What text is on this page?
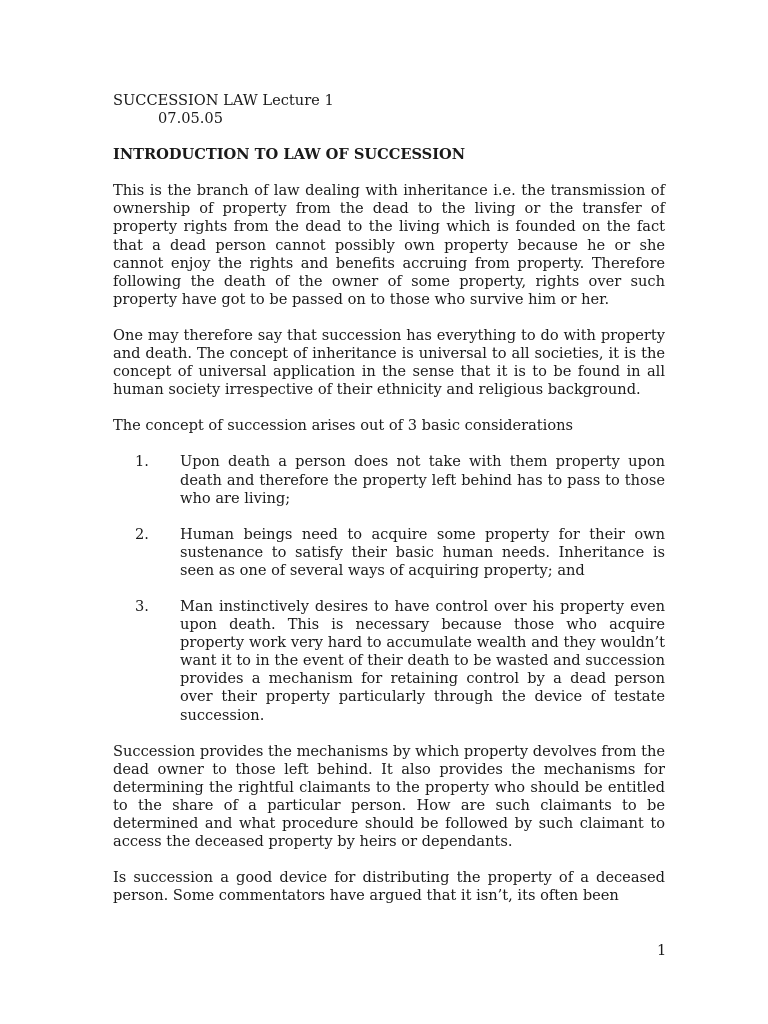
SUCCESSION LAW Lecture 1

07.05.05

INTRODUCTION TO LAW OF SUCCESSION

This is the branch of law dealing with inheritance i.e. the transmission of ownership of property from the dead to the living or the transfer of property rights from the dead to the living which is founded on the fact that a dead person cannot possibly own property because he or she cannot enjoy the rights and benefits accruing from property. Therefore following the death of the owner of some property, rights over such property have got to be passed on to those who survive him or her.

One may therefore say that succession has everything to do with property and death. The concept of inheritance is universal to all societies, it is the concept of universal application in the sense that it is to be found in all human society irrespective of their ethnicity and religious background.

The concept of succession arises out of 3 basic considerations

1.	Upon death a person does not take with them property upon death and therefore the property left behind has to pass to those who are living;
2.	Human beings need to acquire some property for their own sustenance to satisfy their basic human needs. Inheritance is seen as one of several ways of acquiring property; and
3.	Man instinctively desires to have control over his property even upon death. This is necessary because those who acquire property work very hard to accumulate wealth and they wouldn’t want it to in the event of their death to be wasted and succession provides a mechanism for retaining control by a dead person over their property particularly through the device of testate succession.

Succession provides the mechanisms by which property devolves from the dead owner to those left behind. It also provides the mechanisms for determining the rightful claimants to the property who should be entitled to the share of a particular person. How are such claimants to be determined and what procedure should be followed by such claimant to access the deceased property by heirs or dependants.

Is succession a good device for distributing the property of a deceased person. Some commentators have argued that it isn’t, its often been

1
